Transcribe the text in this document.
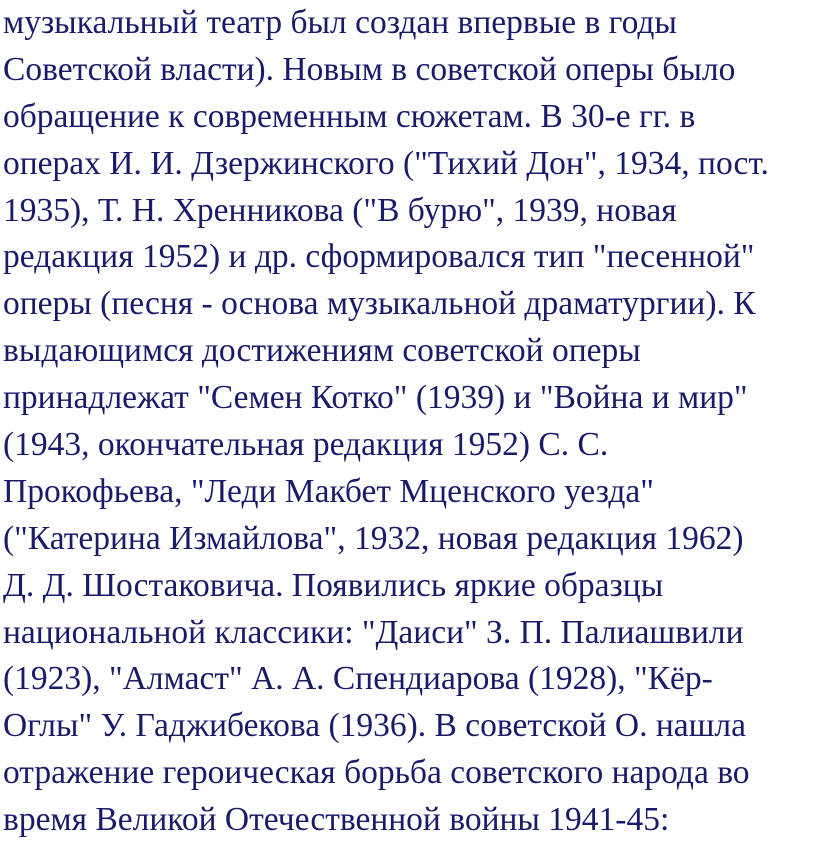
музыкальный театр был создан впервые в годы
Советской власти). Новым в советской оперы было
обращение к современным сюжетам. В 30-е гг. в
операх И. И. Дзержинского ("Тихий Дон", 1934, пост.
1935), Т. Н. Хренникова ("В бурю", 1939, новая
редакция 1952) и др. сформировался тип "песенной"
оперы (песня - основа музыкальной драматургии). К
выдающимся достижениям советской оперы
принадлежат "Семен Котко" (1939) и "Война и мир"
(1943, окончательная редакция 1952) С. С.
Прокофьева, "Леди Макбет Мценского уезда"
("Катерина Измайлова", 1932, новая редакция 1962)
Д. Д. Шостаковича. Появились яркие образцы
национальной классики: "Даиси" З. П. Палиашвили
(1923), "Алмаст" А. А. Спендиарова (1928), "Кёр-
Оглы" У. Гаджибекова (1936). В советской О. нашла
отражение героическая борьба советского народа во
время Великой Отечественной войны 1941-45:
